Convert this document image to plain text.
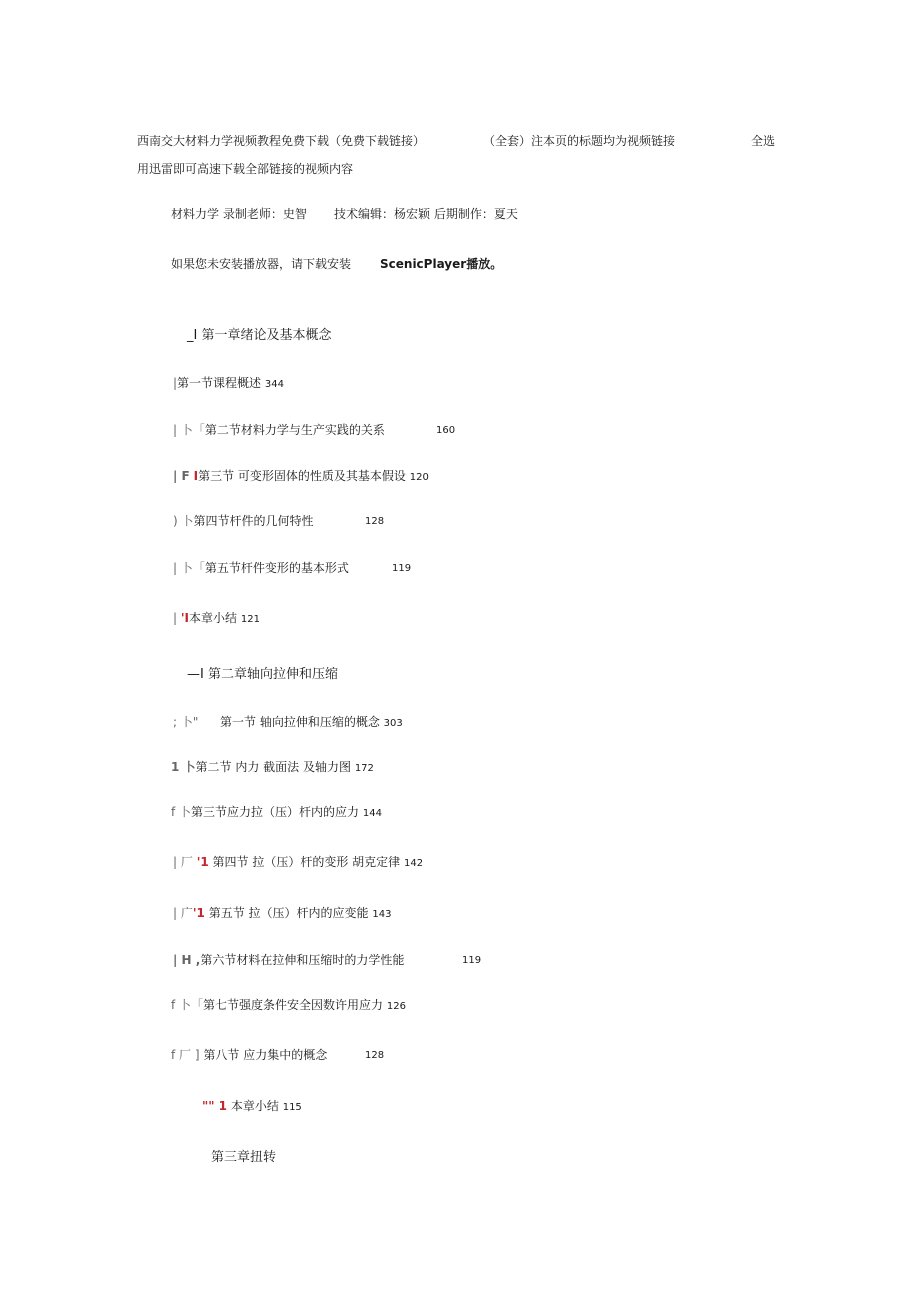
西南交大材料力学视频教程免费下载（免费下载链接）	（全套）注本页的标题均为视频链接	全选
用迅雷即可高速下载全部链接的视频内容
材料力学 录制老师：史智 技术编辑：杨宏颖 后期制作：夏天
如果您未安装播放器，请下载安装 ScenicPlayer播放。
_I 第一章绪论及基本概念
|第一节课程概述 344
| 卜「第二节材料力学与生产实践的关系	160
| F I第三节 可变形固体的性质及其基本假设 120
) 卜第四节杆件的几何特性	128
| 卜「第五节杆件变形的基本形式	119
| 'I本章小结 121
—I 第二章轴向拉伸和压缩
; 卜" 第一节 轴向拉伸和压缩的概念 303
1 卜第二节 内力 截面法 及轴力图 172
f 卜第三节应力拉（压）杆内的应力 144
| 厂 '1 第四节 拉（压）杆的变形 胡克定律 142
| 广'1 第五节 拉（压）杆内的应变能 143
| H ,第六节材料在拉伸和压缩时的力学性能	119
f 卜「第七节强度条件安全因数许用应力 126
f 厂 ] 第八节 应力集中的概念	128
"" 1 本章小结 115
第三章扭转
